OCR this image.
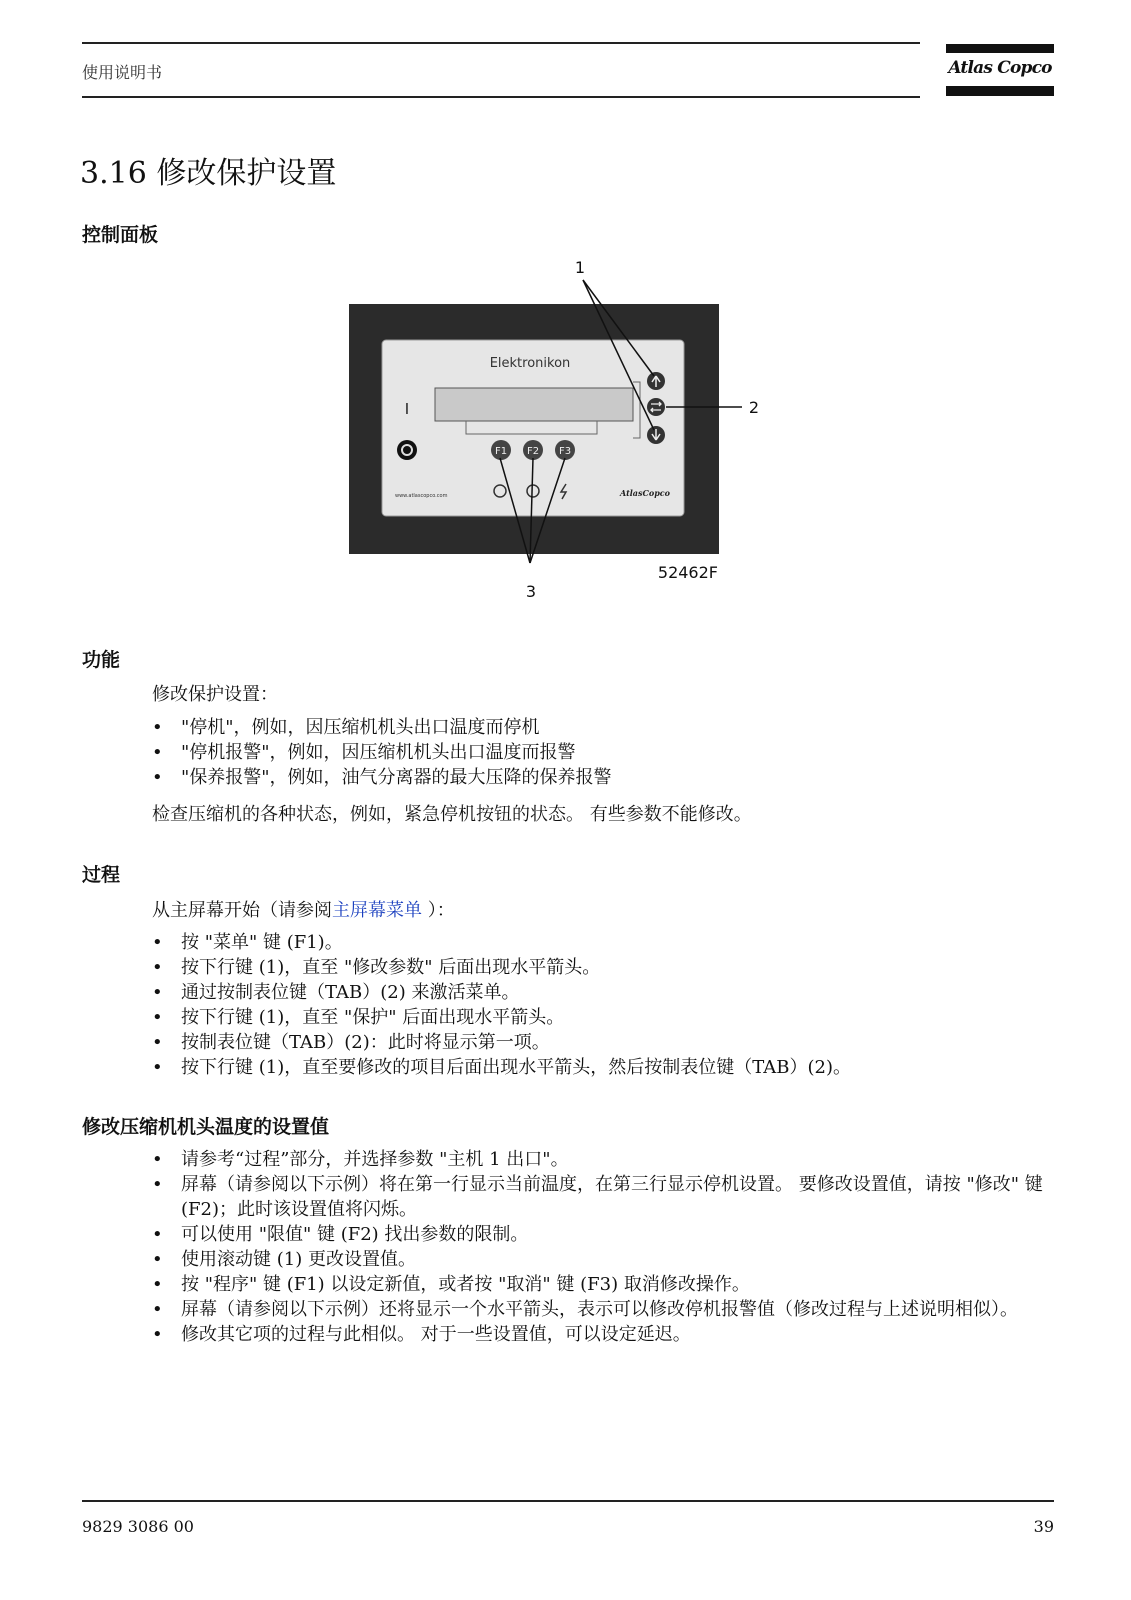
使用说明书	Atlas Copco
3.16 修改保护设置
控制面板
Elektronikon
I
F1 F2 F3
www.atlascopco.com	AtlasCopco
1
2
3
52462F
功能
修改保护设置：
• "停机"，例如，因压缩机机头出口温度而停机
• "停机报警"，例如，因压缩机机头出口温度而报警
• "保养报警"，例如，油气分离器的最大压降的保养报警
检查压缩机的各种状态，例如，紧急停机按钮的状态。 有些参数不能修改。
过程
从主屏幕开始（请参阅主屏幕菜单 ）：
• 按 "菜单" 键 (F1)。
• 按下行键 (1)，直至 "修改参数" 后面出现水平箭头。
• 通过按制表位键（TAB）(2) 来激活菜单。
• 按下行键 (1)，直至 "保护" 后面出现水平箭头。
• 按制表位键（TAB）(2)：此时将显示第一项。
• 按下行键 (1)，直至要修改的项目后面出现水平箭头，然后按制表位键（TAB）(2)。
修改压缩机机头温度的设置值
• 请参考“过程”部分，并选择参数 "主机 1 出口"。
• 屏幕（请参阅以下示例）将在第一行显示当前温度，在第三行显示停机设置。 要修改设置值，请按 "修改" 键 (F2)；此时该设置值将闪烁。
• 可以使用 "限值" 键 (F2) 找出参数的限制。
• 使用滚动键 (1) 更改设置值。
• 按 "程序" 键 (F1) 以设定新值，或者按 "取消" 键 (F3) 取消修改操作。
• 屏幕（请参阅以下示例）还将显示一个水平箭头，表示可以修改停机报警值（修改过程与上述说明相似）。
• 修改其它项的过程与此相似。 对于一些设置值，可以设定延迟。
9829 3086 00	39
